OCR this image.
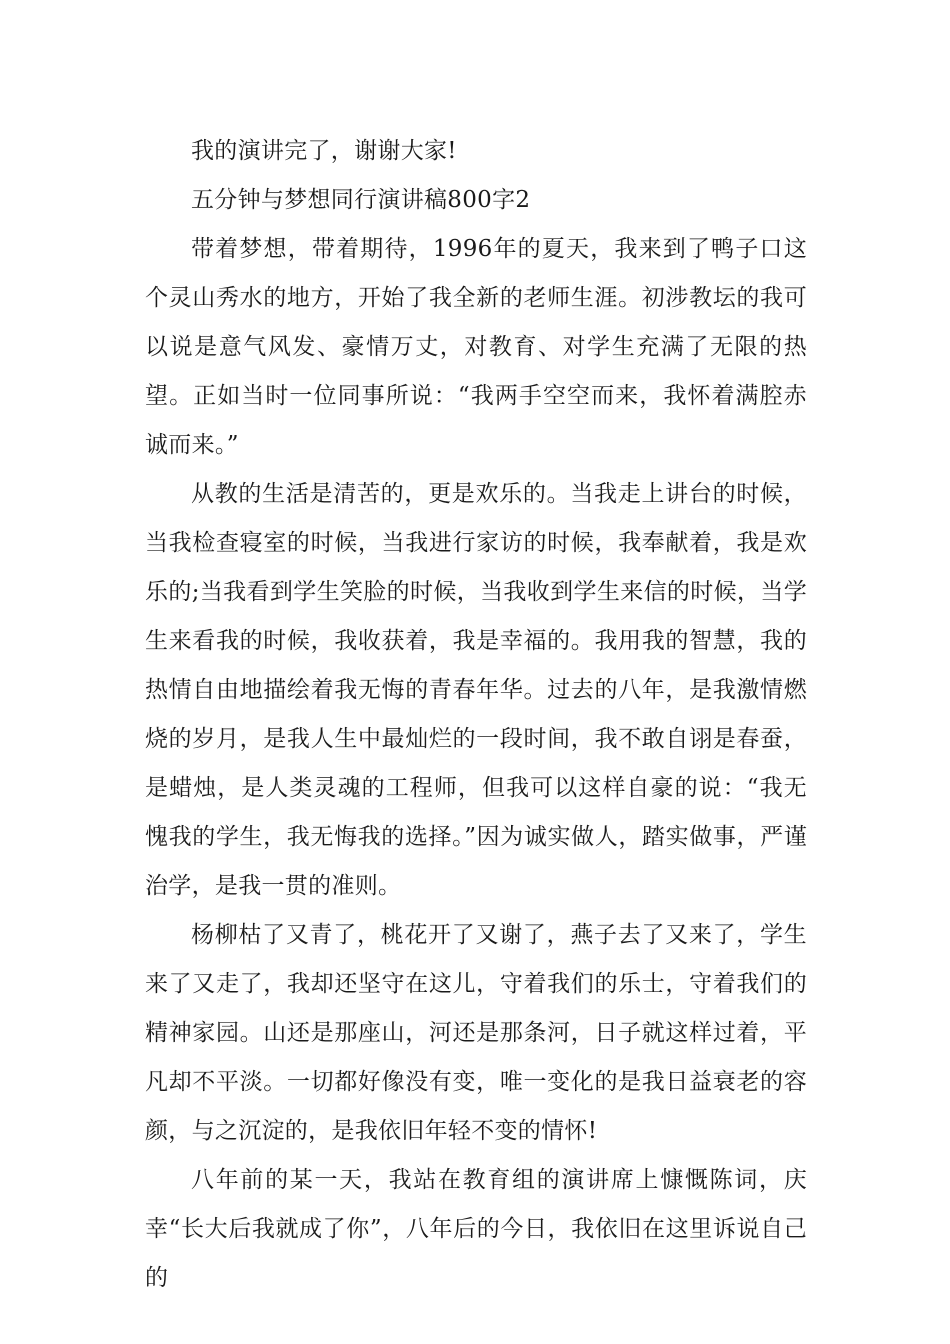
我的演讲完了，谢谢大家!

五分钟与梦想同行演讲稿800字2

带着梦想，带着期待，1996年的夏天，我来到了鸭子口这个灵山秀水的地方，开始了我全新的老师生涯。初涉教坛的我可以说是意气风发、豪情万丈，对教育、对学生充满了无限的热望。正如当时一位同事所说：“我两手空空而来，我怀着满腔赤诚而来。”

从教的生活是清苦的，更是欢乐的。当我走上讲台的时候，当我检查寝室的时候，当我进行家访的时候，我奉献着，我是欢乐的;当我看到学生笑脸的时候，当我收到学生来信的时候，当学生来看我的时候，我收获着，我是幸福的。我用我的智慧，我的热情自由地描绘着我无悔的青春年华。过去的八年，是我激情燃烧的岁月，是我人生中最灿烂的一段时间，我不敢自诩是春蚕，是蜡烛，是人类灵魂的工程师，但我可以这样自豪的说：“我无愧我的学生，我无悔我的选择。”因为诚实做人，踏实做事，严谨治学，是我一贯的准则。

杨柳枯了又青了，桃花开了又谢了，燕子去了又来了，学生来了又走了，我却还坚守在这儿，守着我们的乐士，守着我们的精神家园。山还是那座山，河还是那条河，日子就这样过着，平凡却不平淡。一切都好像没有变，唯一变化的是我日益衰老的容颜，与之沉淀的，是我依旧年轻不变的情怀!

八年前的某一天，我站在教育组的演讲席上慷慨陈词，庆幸“长大后我就成了你”，八年后的今日，我依旧在这里诉说自己的
